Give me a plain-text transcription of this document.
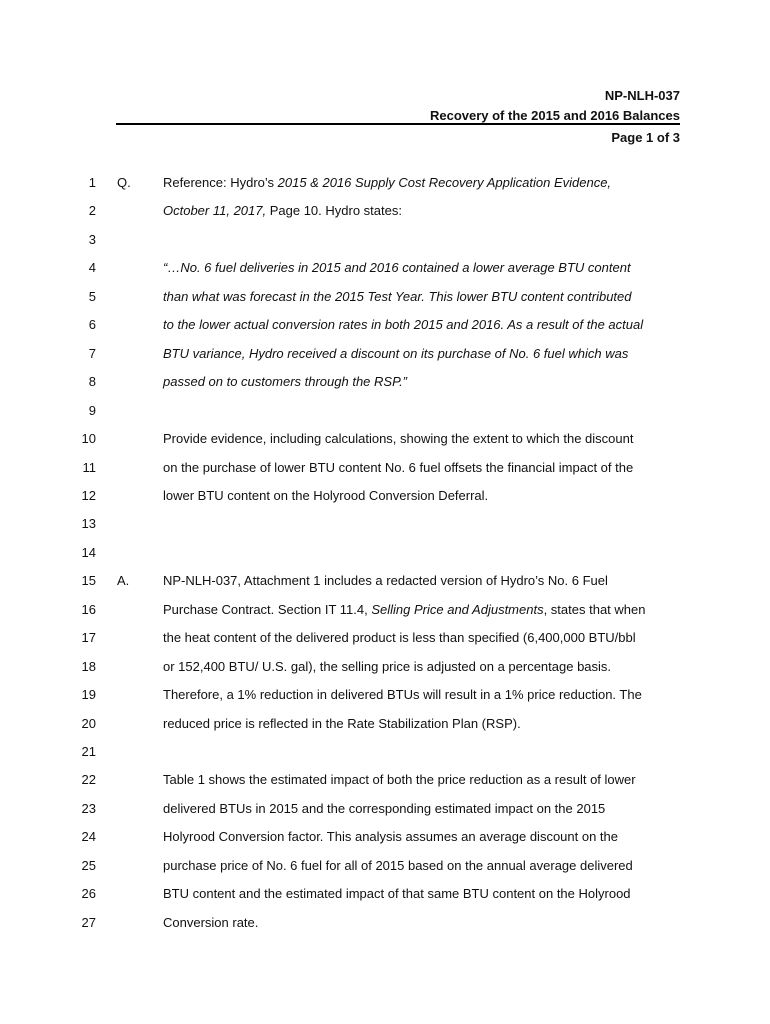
NP-NLH-037
Recovery of the 2015 and 2016 Balances
Page 1 of 3
1 Q. Reference: Hydro’s 2015 & 2016 Supply Cost Recovery Application Evidence,
2	October 11, 2017, Page 10. Hydro states:
3
4	“…No. 6 fuel deliveries in 2015 and 2016 contained a lower average BTU content
5	than what was forecast in the 2015 Test Year. This lower BTU content contributed
6	to the lower actual conversion rates in both 2015 and 2016. As a result of the actual
7	BTU variance, Hydro received a discount on its purchase of No. 6 fuel which was
8	passed on to customers through the RSP.”
9
10	Provide evidence, including calculations, showing the extent to which the discount
11	on the purchase of lower BTU content No. 6 fuel offsets the financial impact of the
12	lower BTU content on the Holyrood Conversion Deferral.
13
14
15 A.	NP-NLH-037, Attachment 1 includes a redacted version of Hydro’s No. 6 Fuel
16	Purchase Contract. Section IT 11.4, Selling Price and Adjustments, states that when
17	the heat content of the delivered product is less than specified (6,400,000 BTU/bbl
18	or 152,400 BTU/ U.S. gal), the selling price is adjusted on a percentage basis.
19	Therefore, a 1% reduction in delivered BTUs will result in a 1% price reduction. The
20	reduced price is reflected in the Rate Stabilization Plan (RSP).
21
22	Table 1 shows the estimated impact of both the price reduction as a result of lower
23	delivered BTUs in 2015 and the corresponding estimated impact on the 2015
24	Holyrood Conversion factor. This analysis assumes an average discount on the
25	purchase price of No. 6 fuel for all of 2015 based on the annual average delivered
26	BTU content and the estimated impact of that same BTU content on the Holyrood
27	Conversion rate.
